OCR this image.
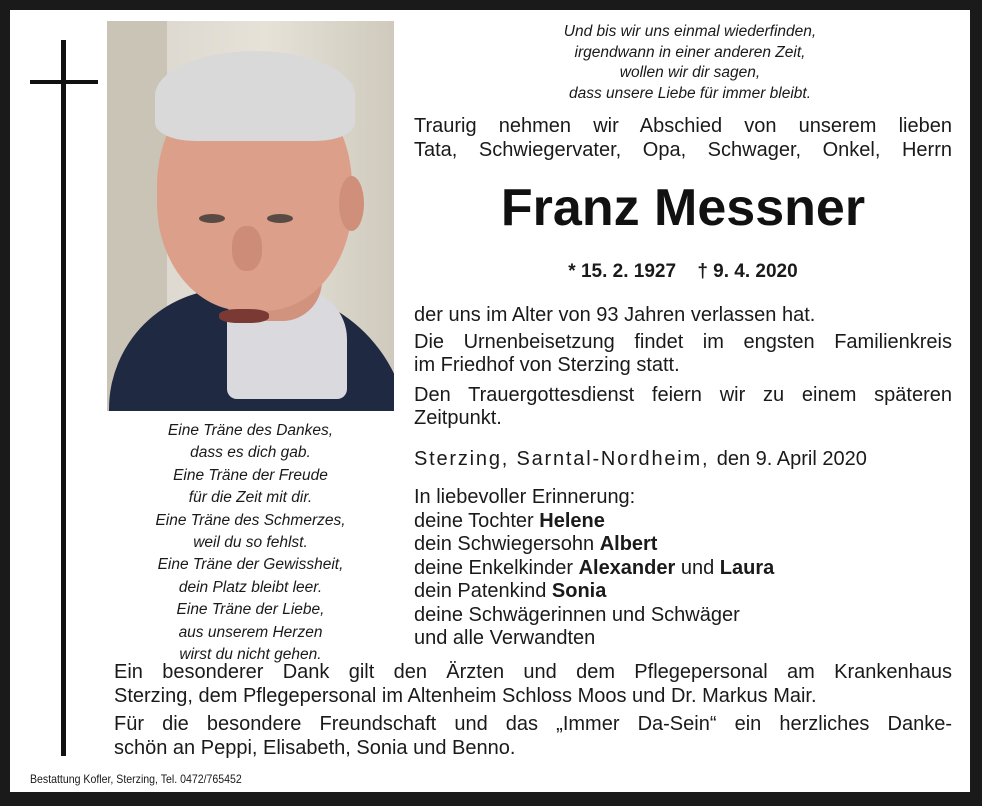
Eine Träne des Dankes,
dass es dich gab.
Eine Träne der Freude
für die Zeit mit dir.
Eine Träne des Schmerzes,
weil du so fehlst.
Eine Träne der Gewissheit,
dein Platz bleibt leer.
Eine Träne der Liebe,
aus unserem Herzen
wirst du nicht gehen.
Und bis wir uns einmal wiederfinden,
irgendwann in einer anderen Zeit,
wollen wir dir sagen,
dass unsere Liebe für immer bleibt.
Traurig nehmen wir Abschied von unserem lieben
Tata, Schwiegervater, Opa, Schwager, Onkel, Herrn
Franz Messner
* 15. 2. 1927 † 9. 4. 2020
der uns im Alter von 93 Jahren verlassen hat.
Die Urnenbeisetzung findet im engsten Familienkreis
im Friedhof von Sterzing statt.
Den Trauergottesdienst feiern wir zu einem späteren
Zeitpunkt.
Sterzing, Sarntal-Nordheim, den 9. April 2020
In liebevoller Erinnerung:
deine Tochter Helene
dein Schwiegersohn Albert
deine Enkelkinder Alexander und Laura
dein Patenkind Sonia
deine Schwägerinnen und Schwäger
und alle Verwandten
Ein besonderer Dank gilt den Ärzten und dem Pflegepersonal am Krankenhaus
Sterzing, dem Pflegepersonal im Altenheim Schloss Moos und Dr. Markus Mair.
Für die besondere Freundschaft und das „Immer Da-Sein“ ein herzliches Danke-
schön an Peppi, Elisabeth, Sonia und Benno.
Bestattung Kofler, Sterzing, Tel. 0472/765452
